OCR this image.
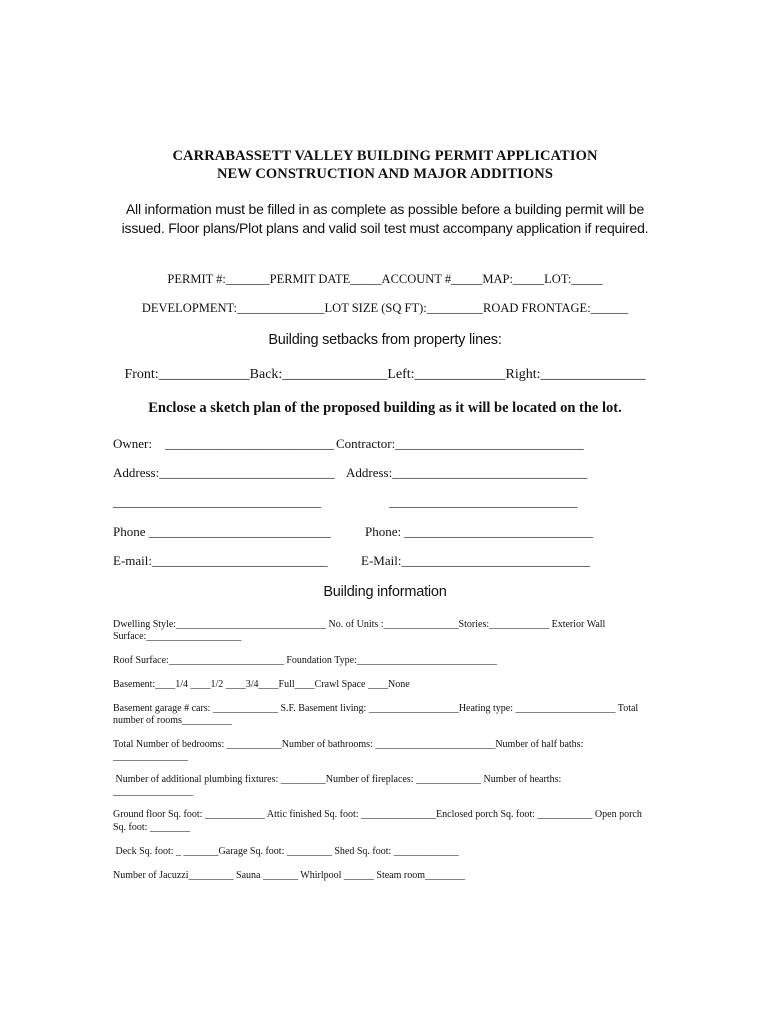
CARRABASSETT VALLEY BUILDING PERMIT APPLICATION
NEW CONSTRUCTION AND MAJOR ADDITIONS
All information must be filled in as complete as possible before a building permit will be
issued. Floor plans/Plot plans and valid soil test must accompany application if required.
PERMIT #:_______PERMIT DATE_____ACCOUNT #_____MAP:_____LOT:_____
DEVELOPMENT:______________LOT SIZE (SQ FT):_________ROAD FRONTAGE:______
Building setbacks from property lines:
Front:_____________Back:_______________Left:_____________Right:_______________
Enclose a sketch plan of the proposed building as it will be located on the lot.
Owner:    __________________________
Address:___________________________
________________________________
Phone ____________________________
E-mail:___________________________
Contractor:_____________________________
Address:______________________________
_____________________________
Phone: _____________________________
E-Mail:_____________________________
Building information
Dwelling Style:______________________________ No. of Units :_______________Stories:____________ Exterior Wall
Surface:___________________
Roof Surface:_______________________ Foundation Type:____________________________
Basement:____1/4 ____1/2 ____3/4____Full____Crawl Space ____None
Basement garage # cars: _____________ S.F. Basement living: __________________Heating type: ____________________ Total
number of rooms__________
Total Number of bedrooms: ___________Number of bathrooms: ________________________Number of half baths:
_______________
Number of additional plumbing fixtures: _________Number of fireplaces: _____________ Number of hearths:
________________
Ground floor Sq. foot: ____________ Attic finished Sq. foot: _______________Enclosed porch Sq. foot: ___________ Open porch
Sq. foot: ________
Deck Sq. foot: _ _______Garage Sq. foot: _________ Shed Sq. foot: _____________
Number of Jacuzzi_________ Sauna _______ Whirlpool ______ Steam room________
